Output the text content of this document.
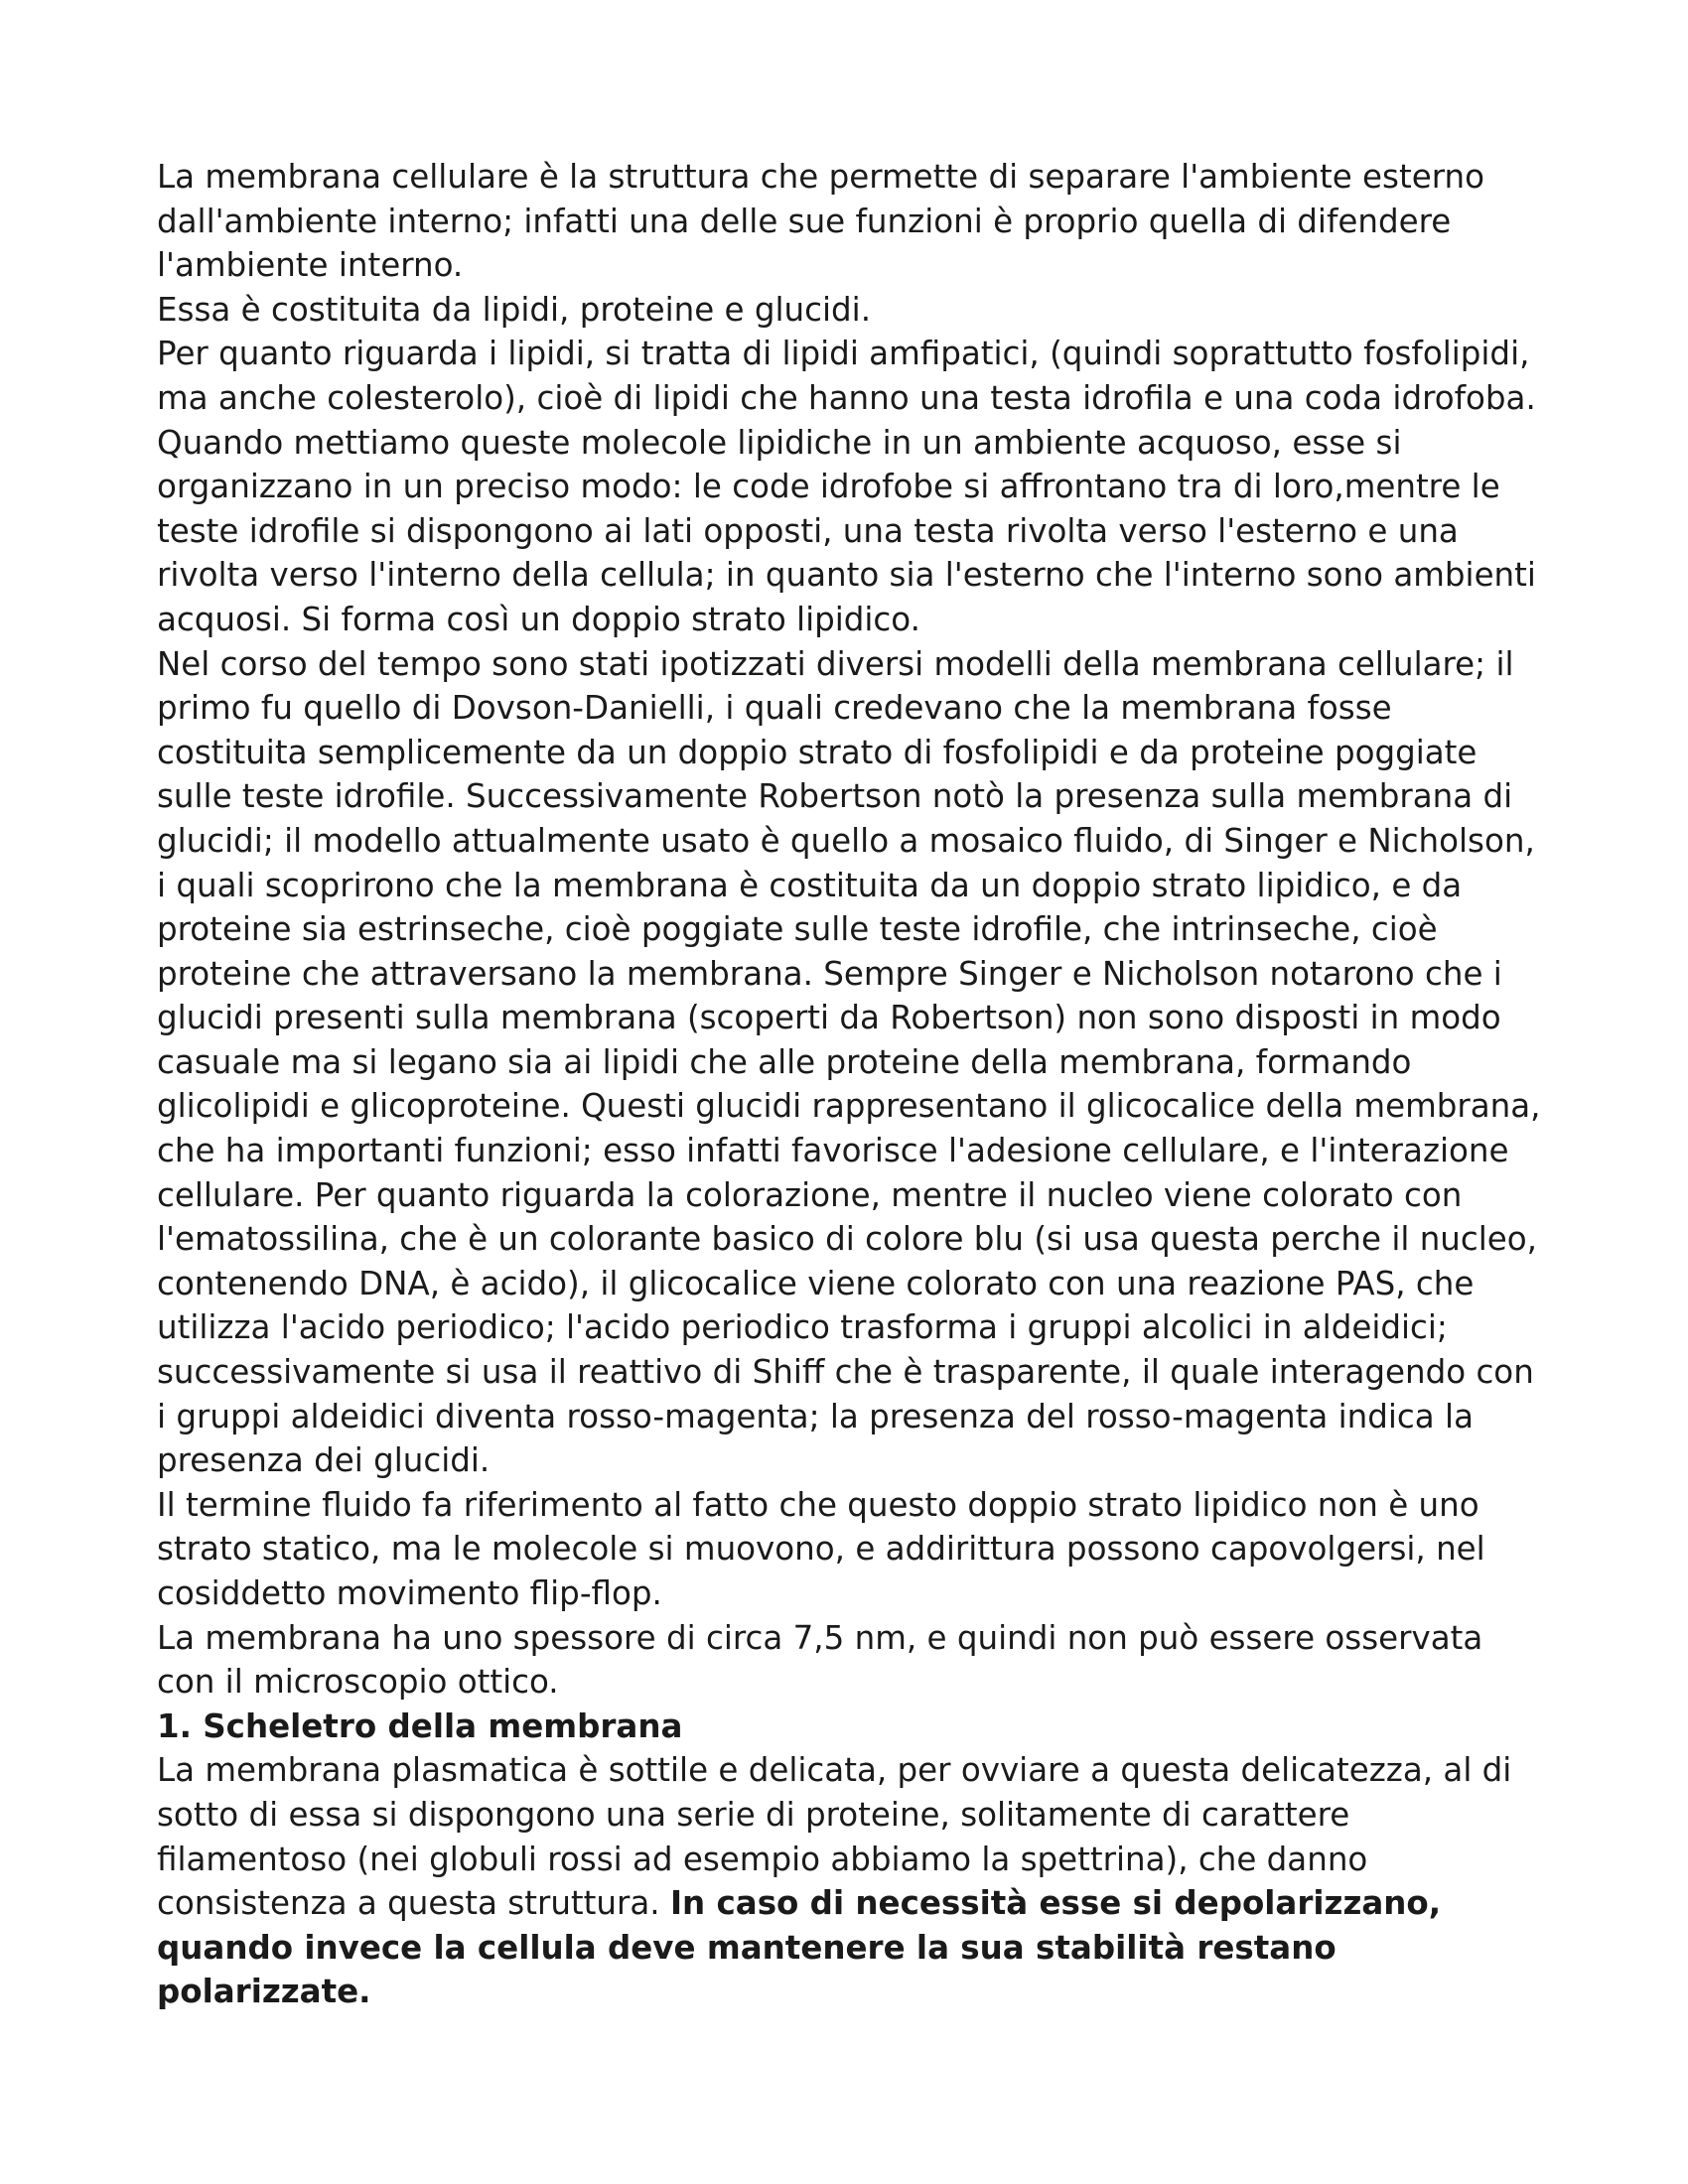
La membrana cellulare è la struttura che permette di separare l'ambiente esterno dall'ambiente interno; infatti una delle sue funzioni è proprio quella di difendere l'ambiente interno.

Essa è costituita da lipidi, proteine e glucidi.

Per quanto riguarda i lipidi, si tratta di lipidi amfipatici, (quindi soprattutto fosfolipidi, ma anche colesterolo), cioè di lipidi che hanno una testa idrofila e una coda idrofoba. Quando mettiamo queste molecole lipidiche in un ambiente acquoso, esse si organizzano in un preciso modo: le code idrofobe si affrontano tra di loro,mentre le teste idrofile si dispongono ai lati opposti, una testa rivolta verso l'esterno e una rivolta verso l'interno della cellula; in quanto sia l'esterno che l'interno sono ambienti acquosi. Si forma così un doppio strato lipidico.

Nel corso del tempo sono stati ipotizzati diversi modelli della membrana cellulare; il primo fu quello di Dovson-Danielli, i quali credevano che la membrana fosse costituita semplicemente da un doppio strato di fosfolipidi e da proteine poggiate sulle teste idrofile. Successivamente Robertson notò la presenza sulla membrana di glucidi; il modello attualmente usato è quello a mosaico fluido, di Singer e Nicholson, i quali scoprirono che la membrana è costituita da un doppio strato lipidico, e da proteine sia estrinseche, cioè poggiate sulle teste idrofile, che intrinseche, cioè proteine che attraversano la membrana. Sempre Singer e Nicholson notarono che i glucidi presenti sulla membrana (scoperti da Robertson) non sono disposti in modo casuale ma si legano sia ai lipidi che alle proteine della membrana, formando glicolipidi e glicoproteine. Questi glucidi rappresentano il glicocalice della membrana, che ha importanti funzioni; esso infatti favorisce l'adesione cellulare, e l'interazione cellulare. Per quanto riguarda la colorazione, mentre il nucleo viene colorato con l'ematossilina, che è un colorante basico di colore blu (si usa questa perche il nucleo, contenendo DNA, è acido), il glicocalice viene colorato con una reazione PAS, che utilizza l'acido periodico; l'acido periodico trasforma i gruppi alcolici in aldeidici; successivamente si usa il reattivo di Shiff che è trasparente, il quale interagendo con i gruppi aldeidici diventa rosso-magenta; la presenza del rosso-magenta indica la presenza dei glucidi.

Il termine fluido fa riferimento al fatto che questo doppio strato lipidico non è uno strato statico, ma le molecole si muovono, e addirittura possono capovolgersi, nel cosiddetto movimento flip-flop.

La membrana ha uno spessore di circa 7,5 nm, e quindi non può essere osservata con il microscopio ottico.

1. Scheletro della membrana

La membrana plasmatica è sottile e delicata, per ovviare a questa delicatezza, al di sotto di essa si dispongono una serie di proteine, solitamente di carattere filamentoso (nei globuli rossi ad esempio abbiamo la spettrina), che danno consistenza a questa struttura. In caso di necessità esse si depolarizzano, quando invece la cellula deve mantenere la sua stabilità restano polarizzate.
